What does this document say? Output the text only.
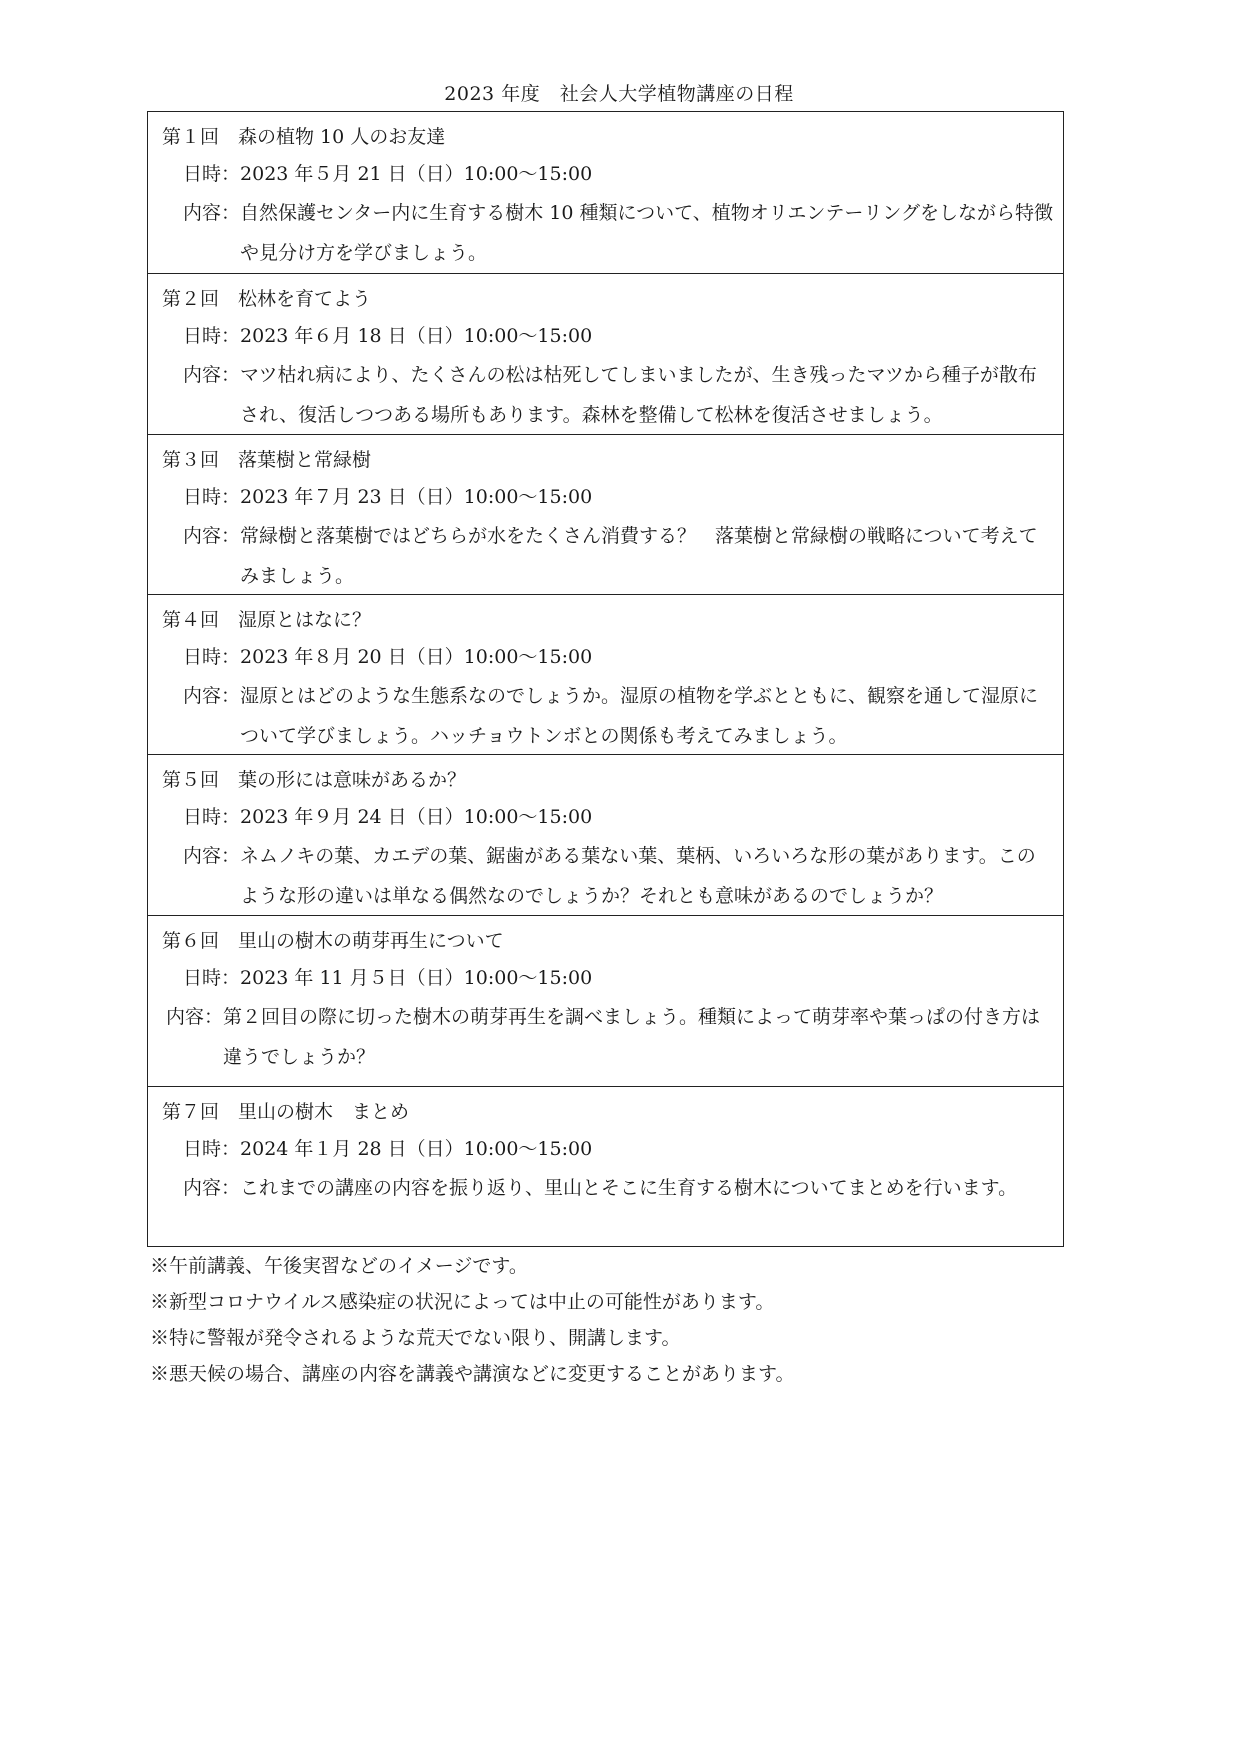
2023 年度　社会人大学植物講座の日程
第１回　森の植物 10 人のお友達
日時： 2023 年５月 21 日（日）10:00〜15:00
内容： 自然保護センター内に生育する樹木 10 種類について、植物オリエンテーリングをしながら特徴や見分け方を学びましょう。
第２回　松林を育てよう
日時： 2023 年６月 18 日（日）10:00〜15:00
内容： マツ枯れ病により、たくさんの松は枯死してしまいましたが、生き残ったマツから種子が散布され、復活しつつある場所もあります。森林を整備して松林を復活させましょう。
第３回　落葉樹と常緑樹
日時： 2023 年７月 23 日（日）10:00〜15:00
内容： 常緑樹と落葉樹ではどちらが水をたくさん消費する？　落葉樹と常緑樹の戦略について考えてみましょう。
第４回　湿原とはなに？
日時： 2023 年８月 20 日（日）10:00〜15:00
内容： 湿原とはどのような生態系なのでしょうか。湿原の植物を学ぶとともに、観察を通して湿原について学びましょう。ハッチョウトンボとの関係も考えてみましょう。
第５回　葉の形には意味があるか？
日時： 2023 年９月 24 日（日）10:00〜15:00
内容： ネムノキの葉、カエデの葉、鋸歯がある葉ない葉、葉柄、いろいろな形の葉があります。このような形の違いは単なる偶然なのでしょうか？それとも意味があるのでしょうか？
第６回　里山の樹木の萌芽再生について
日時： 2023 年 11 月５日（日）10:00〜15:00
内容： 第２回目の際に切った樹木の萌芽再生を調べましょう。種類によって萌芽率や葉っぱの付き方は違うでしょうか？
第７回　里山の樹木　まとめ
日時： 2024 年１月 28 日（日）10:00〜15:00
内容： これまでの講座の内容を振り返り、里山とそこに生育する樹木についてまとめを行います。
※午前講義、午後実習などのイメージです。
※新型コロナウイルス感染症の状況によっては中止の可能性があります。
※特に警報が発令されるような荒天でない限り、開講します。
※悪天候の場合、講座の内容を講義や講演などに変更することがあります。
